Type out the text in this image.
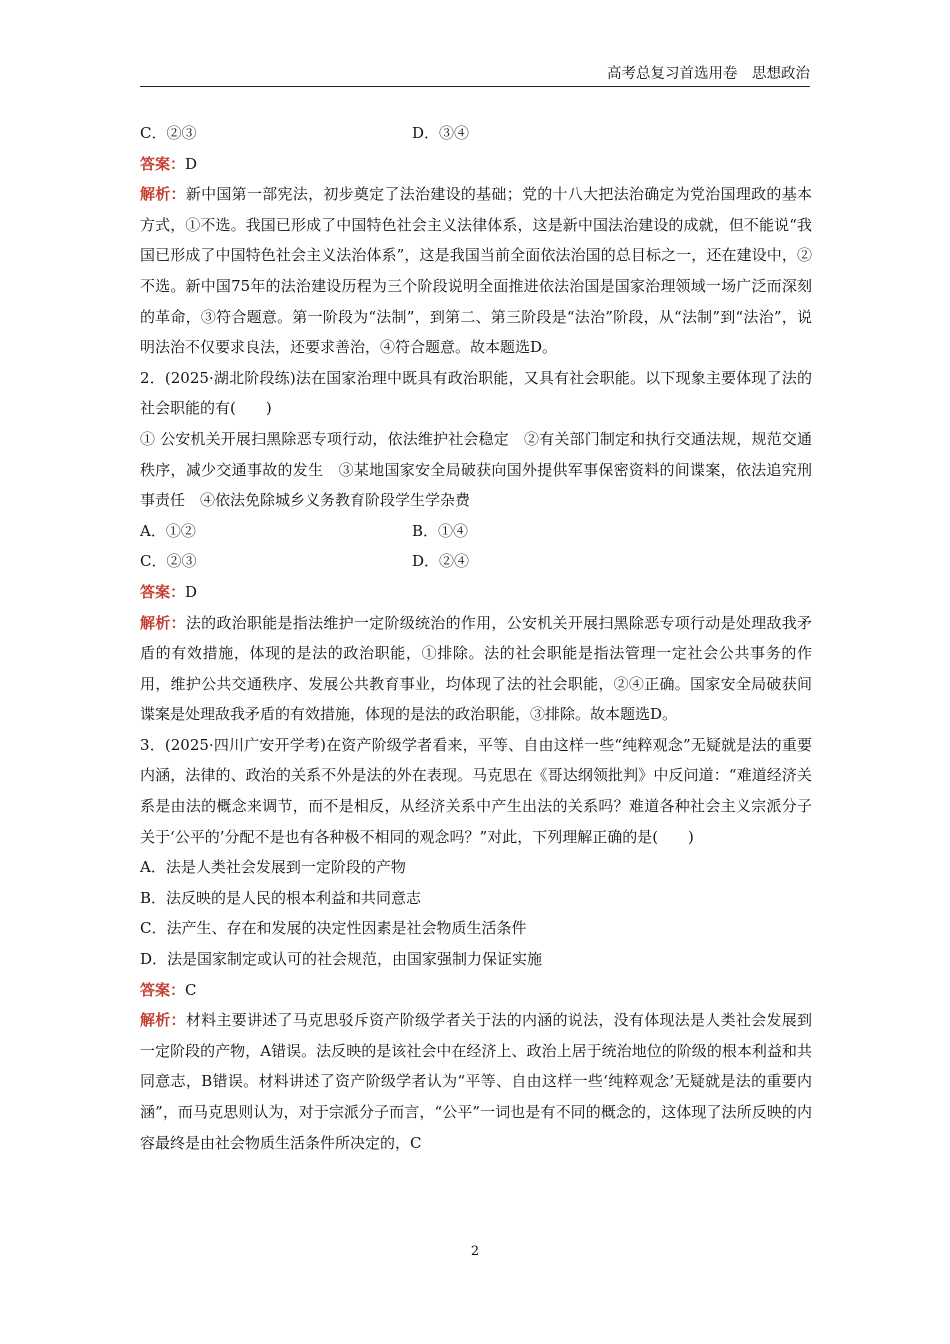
高考总复习首选用卷　思想政治
C．②③	D．③④

答案：D

解析：新中国第一部宪法，初步奠定了法治建设的基础；党的十八大把法治确定为党治国理政的基本方式，①不选。我国已形成了中国特色社会主义法律体系，这是新中国法治建设的成就，但不能说“我国已形成了中国特色社会主义法治体系”，这是我国当前全面依法治国的总目标之一，还在建设中，②不选。新中国75年的法治建设历程为三个阶段说明全面推进依法治国是国家治理领域一场广泛而深刻的革命，③符合题意。第一阶段为“法制”，到第二、第三阶段是“法治”阶段，从“法制”到“法治”，说明法治不仅要求良法，还要求善治，④符合题意。故本题选D。

2．(2025·湖北阶段练)法在国家治理中既具有政治职能，又具有社会职能。以下现象主要体现了法的社会职能的有(　　)

① 公安机关开展扫黑除恶专项行动，依法维护社会稳定　②有关部门制定和执行交通法规，规范交通秩序，减少交通事故的发生　③某地国家安全局破获向国外提供军事保密资料的间谍案，依法追究刑事责任　④依法免除城乡义务教育阶段学生学杂费

A．①②	B．①④
C．②③	D．②④

答案：D

解析：法的政治职能是指法维护一定阶级统治的作用，公安机关开展扫黑除恶专项行动是处理敌我矛盾的有效措施，体现的是法的政治职能，①排除。法的社会职能是指法管理一定社会公共事务的作用，维护公共交通秩序、发展公共教育事业，均体现了法的社会职能，②④正确。国家安全局破获间谍案是处理敌我矛盾的有效措施，体现的是法的政治职能，③排除。故本题选D。

3．(2025·四川广安开学考)在资产阶级学者看来，平等、自由这样一些“纯粹观念”无疑就是法的重要内涵，法律的、政治的关系不外是法的外在表现。马克思在《哥达纲领批判》中反问道：“难道经济关系是由法的概念来调节，而不是相反，从经济关系中产生出法的关系吗？难道各种社会主义宗派分子关于‘公平的’分配不是也有各种极不相同的观念吗？”对此，下列理解正确的是(　　)

A．法是人类社会发展到一定阶段的产物

B．法反映的是人民的根本利益和共同意志

C．法产生、存在和发展的决定性因素是社会物质生活条件

D．法是国家制定或认可的社会规范，由国家强制力保证实施

答案：C

解析：材料主要讲述了马克思驳斥资产阶级学者关于法的内涵的说法，没有体现法是人类社会发展到一定阶段的产物，A错误。法反映的是该社会中在经济上、政治上居于统治地位的阶级的根本利益和共同意志，B错误。材料讲述了资产阶级学者认为“平等、自由这样一些‘纯粹观念’无疑就是法的重要内涵”，而马克思则认为，对于宗派分子而言，“公平”一词也是有不同的概念的，这体现了法所反映的内容最终是由社会物质生活条件所决定的，C

2
